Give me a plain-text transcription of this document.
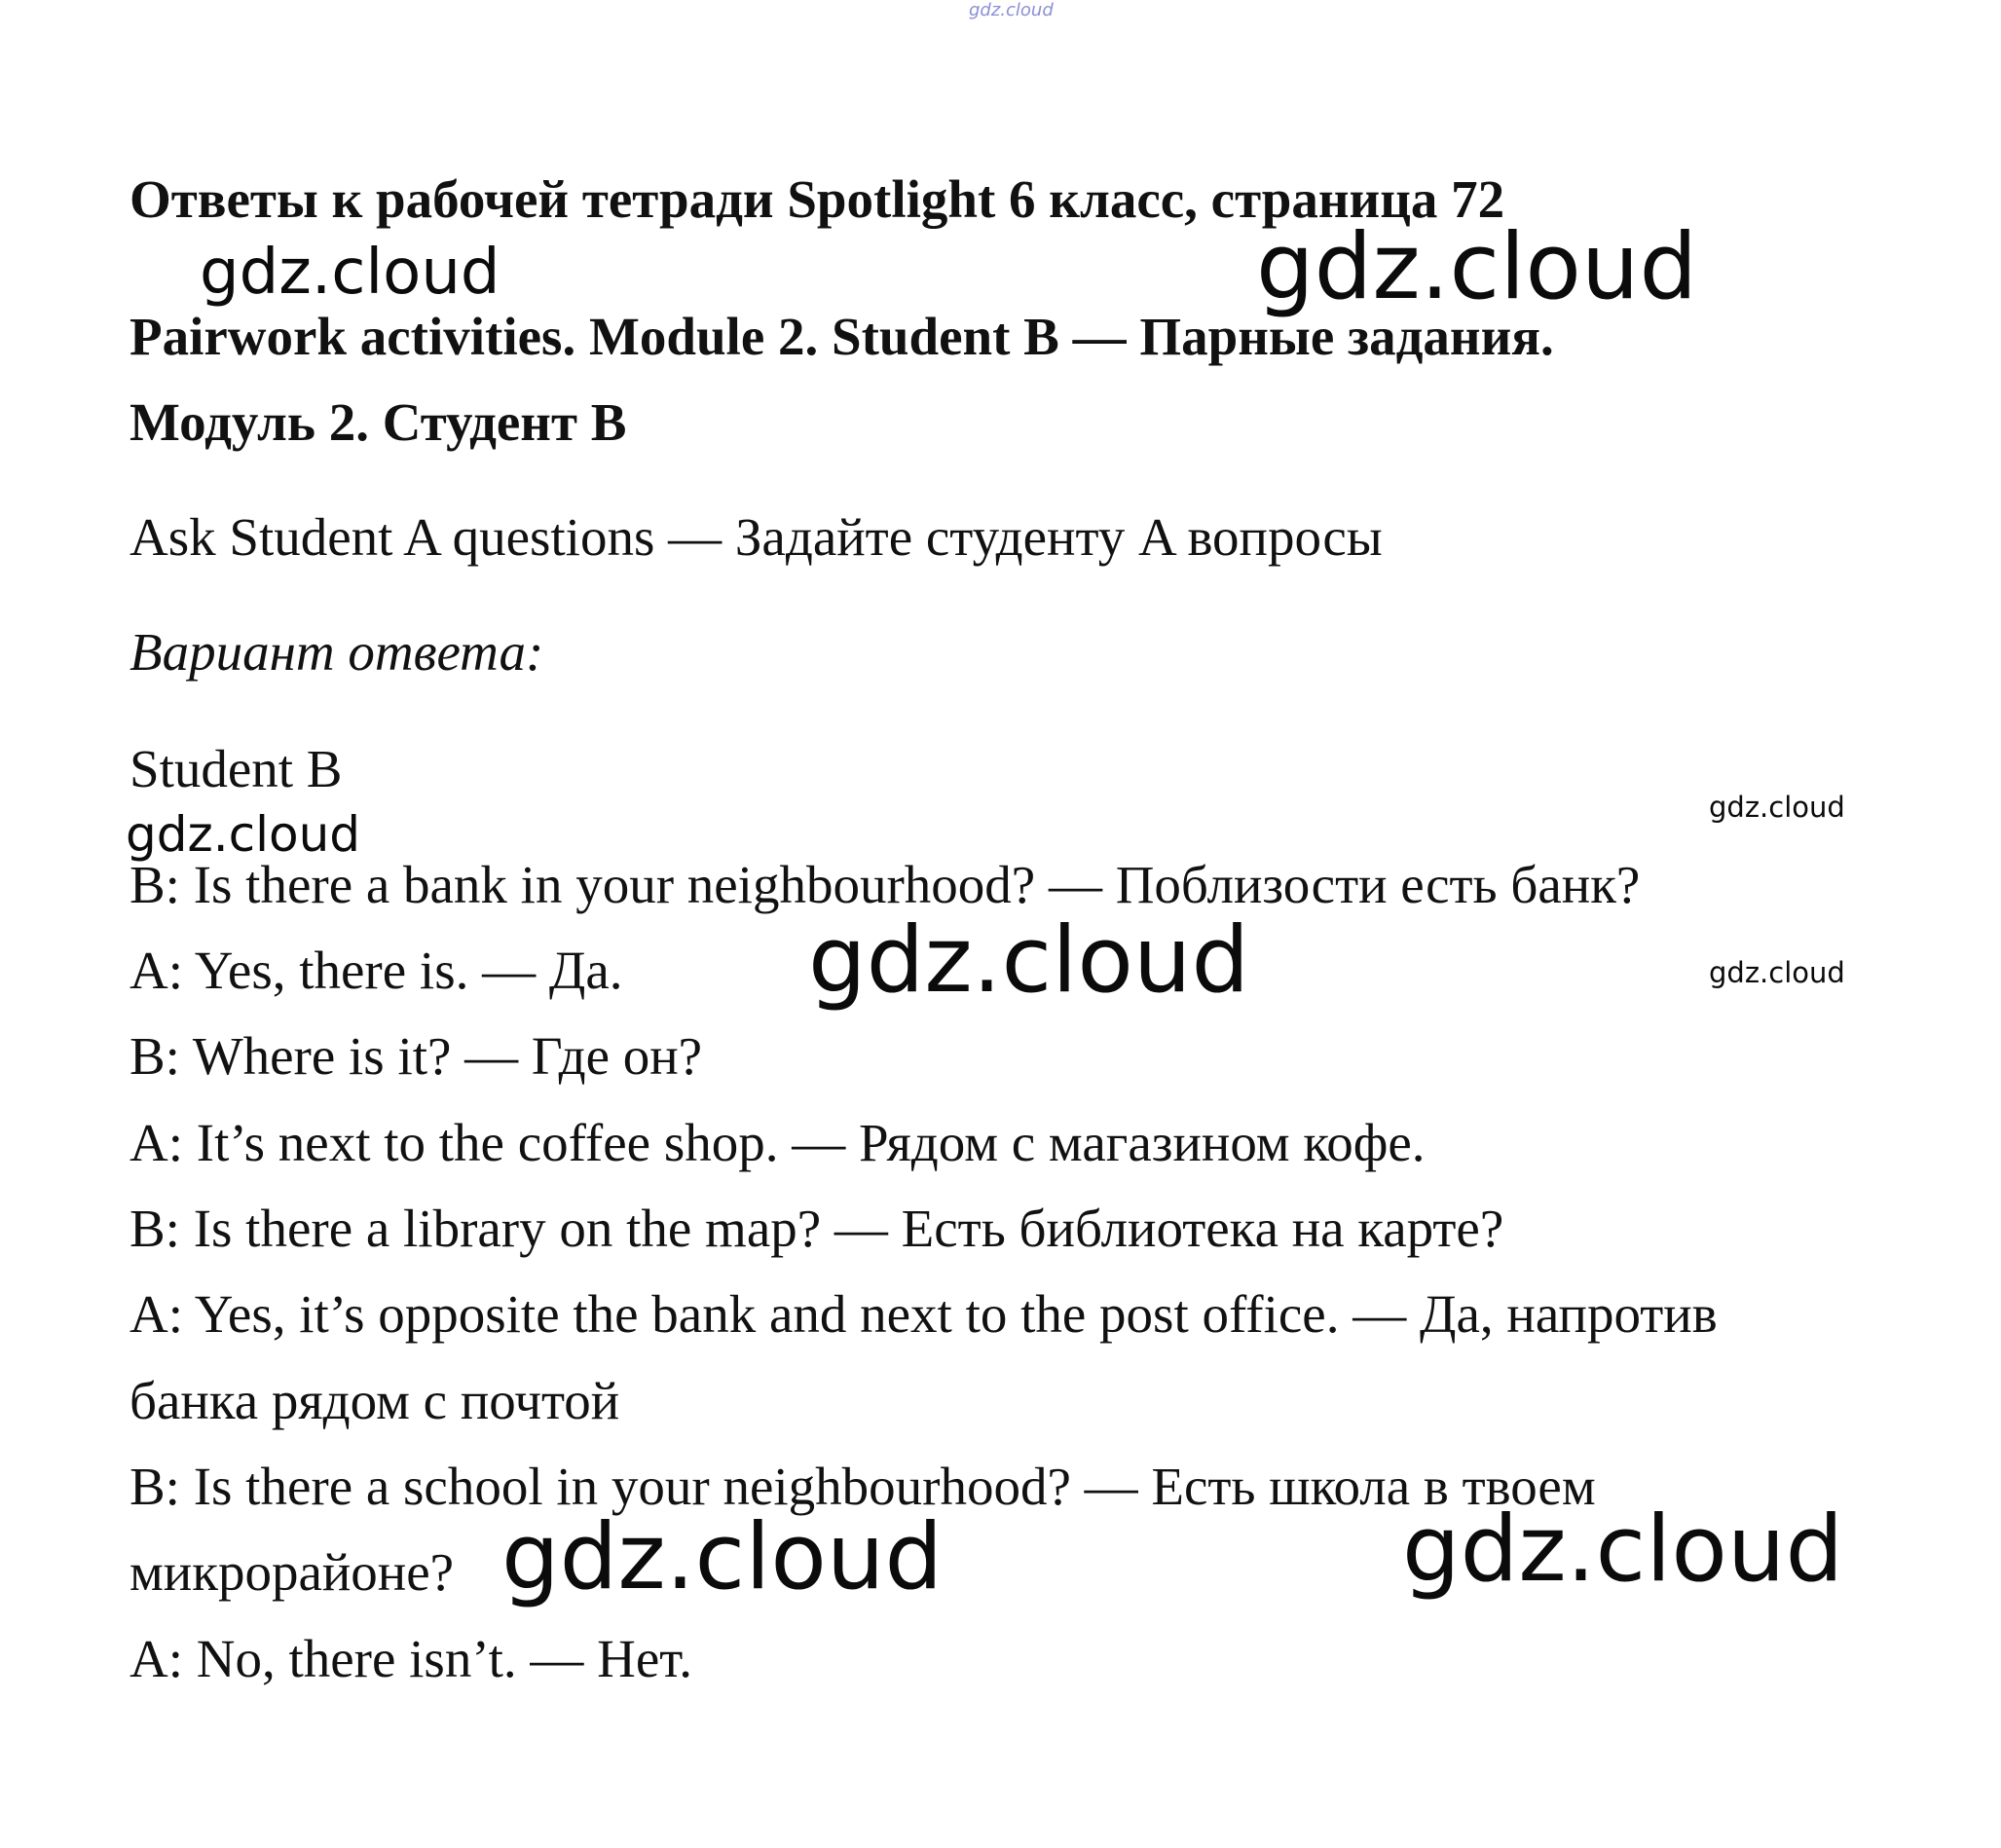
gdz.cloud
Ответы к рабочей тетради Spotlight 6 класс, страница 72
Pairwork activities. Module 2. Student B — Парные задания.
Модуль 2. Студент B
Ask Student A questions — Задайте студенту A вопросы
Вариант ответа:
Student B
B: Is there a bank in your neighbourhood? — Поблизости есть банк?
A: Yes, there is. — Да.
B: Where is it? — Где он?
A: It’s next to the coffee shop. — Рядом с магазином кофе.
B: Is there a library on the map? — Есть библиотека на карте?
A: Yes, it’s opposite the bank and next to the post office. — Да, напротив
банка рядом с почтой
B: Is there a school in your neighbourhood? — Есть школа в твоем
микрорайоне?
A: No, there isn’t. — Нет.
gdz.cloud	gdz.cloud
gdz.cloud	gdz.cloud
gdz.cloud	gdz.cloud
gdz.cloud	gdz.cloud
